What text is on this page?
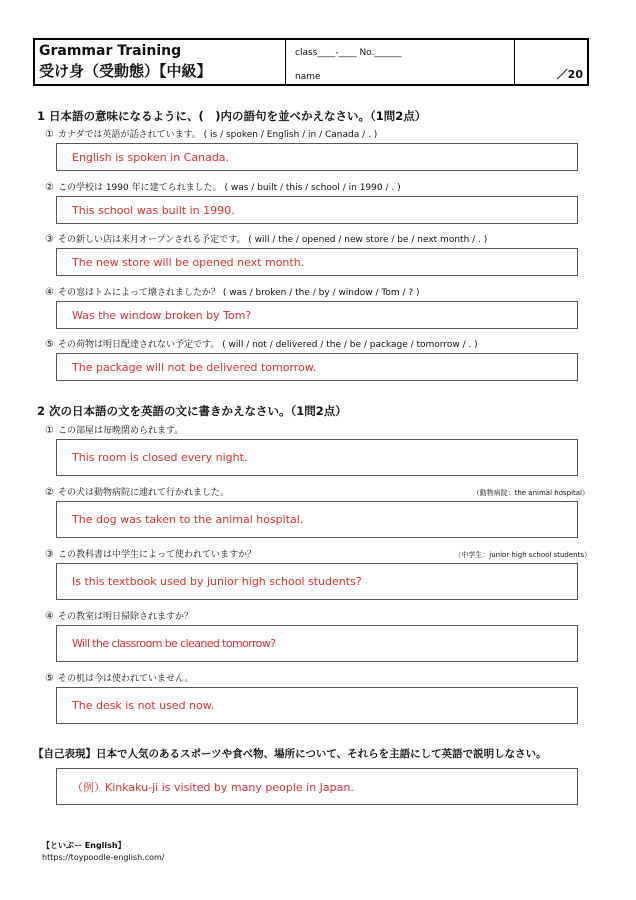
Grammar Training
受け身（受動態）【中級】
class____-____ No.______
name	／20
1 日本語の意味になるように、(　)内の語句を並べかえなさい。（1問2点）
① カナダでは英語が話されています。 ( is / spoken / English / in / Canada / . )
English is spoken in Canada.
② この学校は 1990 年に建てられました。 ( was / built / this / school / in 1990 / . )
This school was built in 1990.
③ その新しい店は来月オープンされる予定です。 ( will / the / opened / new store / be / next month / . )
The new store will be opened next month.
④ その窓はトムによって壊されましたか？ ( was / broken / the / by / window / Tom / ? )
Was the window broken by Tom?
⑤ その荷物は明日配達されない予定です。 ( will / not / delivered / the / be / package / tomorrow / . )
The package will not be delivered tomorrow.
2 次の日本語の文を英語の文に書きかえなさい。（1問2点）
① この部屋は毎晩閉められます。
This room is closed every night.
② その犬は動物病院に連れて行かれました。	（動物病院：the animal hospital）
The dog was taken to the animal hospital.
③ この教科書は中学生によって使われていますか？	（中学生：junior high school students）
Is this textbook used by junior high school students?
④ その教室は明日掃除されますか？
Will the classroom be cleaned tomorrow?
⑤ その机は今は使われていません。
The desk is not used now.
【自己表現】日本で人気のあるスポーツや食べ物、場所について、それらを主語にして英語で説明しなさい。
（例）Kinkaku-ji is visited by many people in Japan.
【といぷー English】
https://toypoodle-english.com/
